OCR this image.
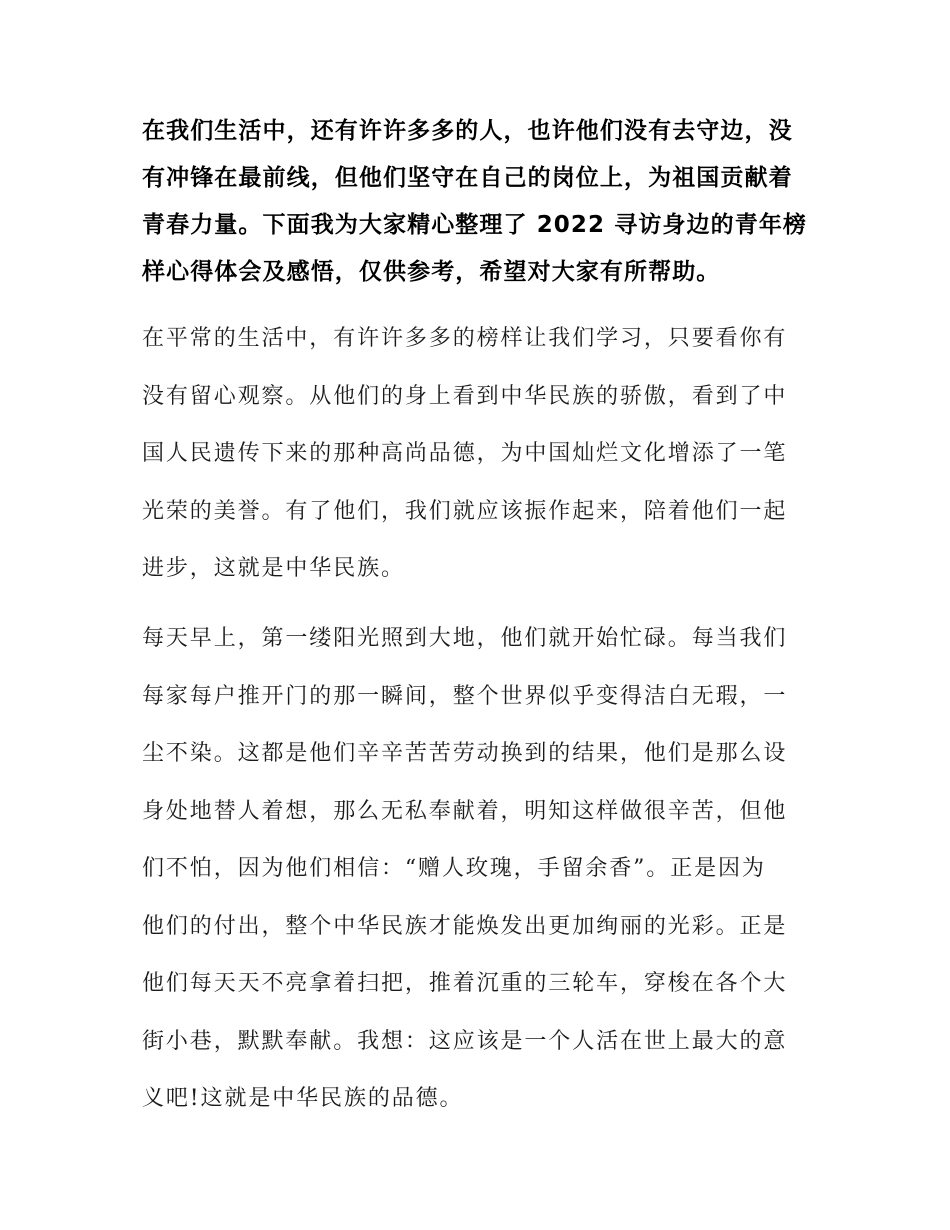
在我们生活中，还有许许多多的人，也许他们没有去守边，没
有冲锋在最前线，但他们坚守在自己的岗位上，为祖国贡献着
青春力量。下面我为大家精心整理了 2022 寻访身边的青年榜
样心得体会及感悟，仅供参考，希望对大家有所帮助。

在平常的生活中，有许许多多的榜样让我们学习，只要看你有
没有留心观察。从他们的身上看到中华民族的骄傲，看到了中
国人民遗传下来的那种高尚品德，为中国灿烂文化增添了一笔
光荣的美誉。有了他们，我们就应该振作起来，陪着他们一起
进步，这就是中华民族。

每天早上，第一缕阳光照到大地，他们就开始忙碌。每当我们
每家每户推开门的那一瞬间，整个世界似乎变得洁白无瑕，一
尘不染。这都是他们辛辛苦苦劳动换到的结果，他们是那么设
身处地替人着想，那么无私奉献着，明知这样做很辛苦，但他
们不怕，因为他们相信：“赠人玫瑰，手留余香”。正是因为
他们的付出，整个中华民族才能焕发出更加绚丽的光彩。正是
他们每天天不亮拿着扫把，推着沉重的三轮车，穿梭在各个大
街小巷，默默奉献。我想：这应该是一个人活在世上最大的意
义吧!这就是中华民族的品德。
